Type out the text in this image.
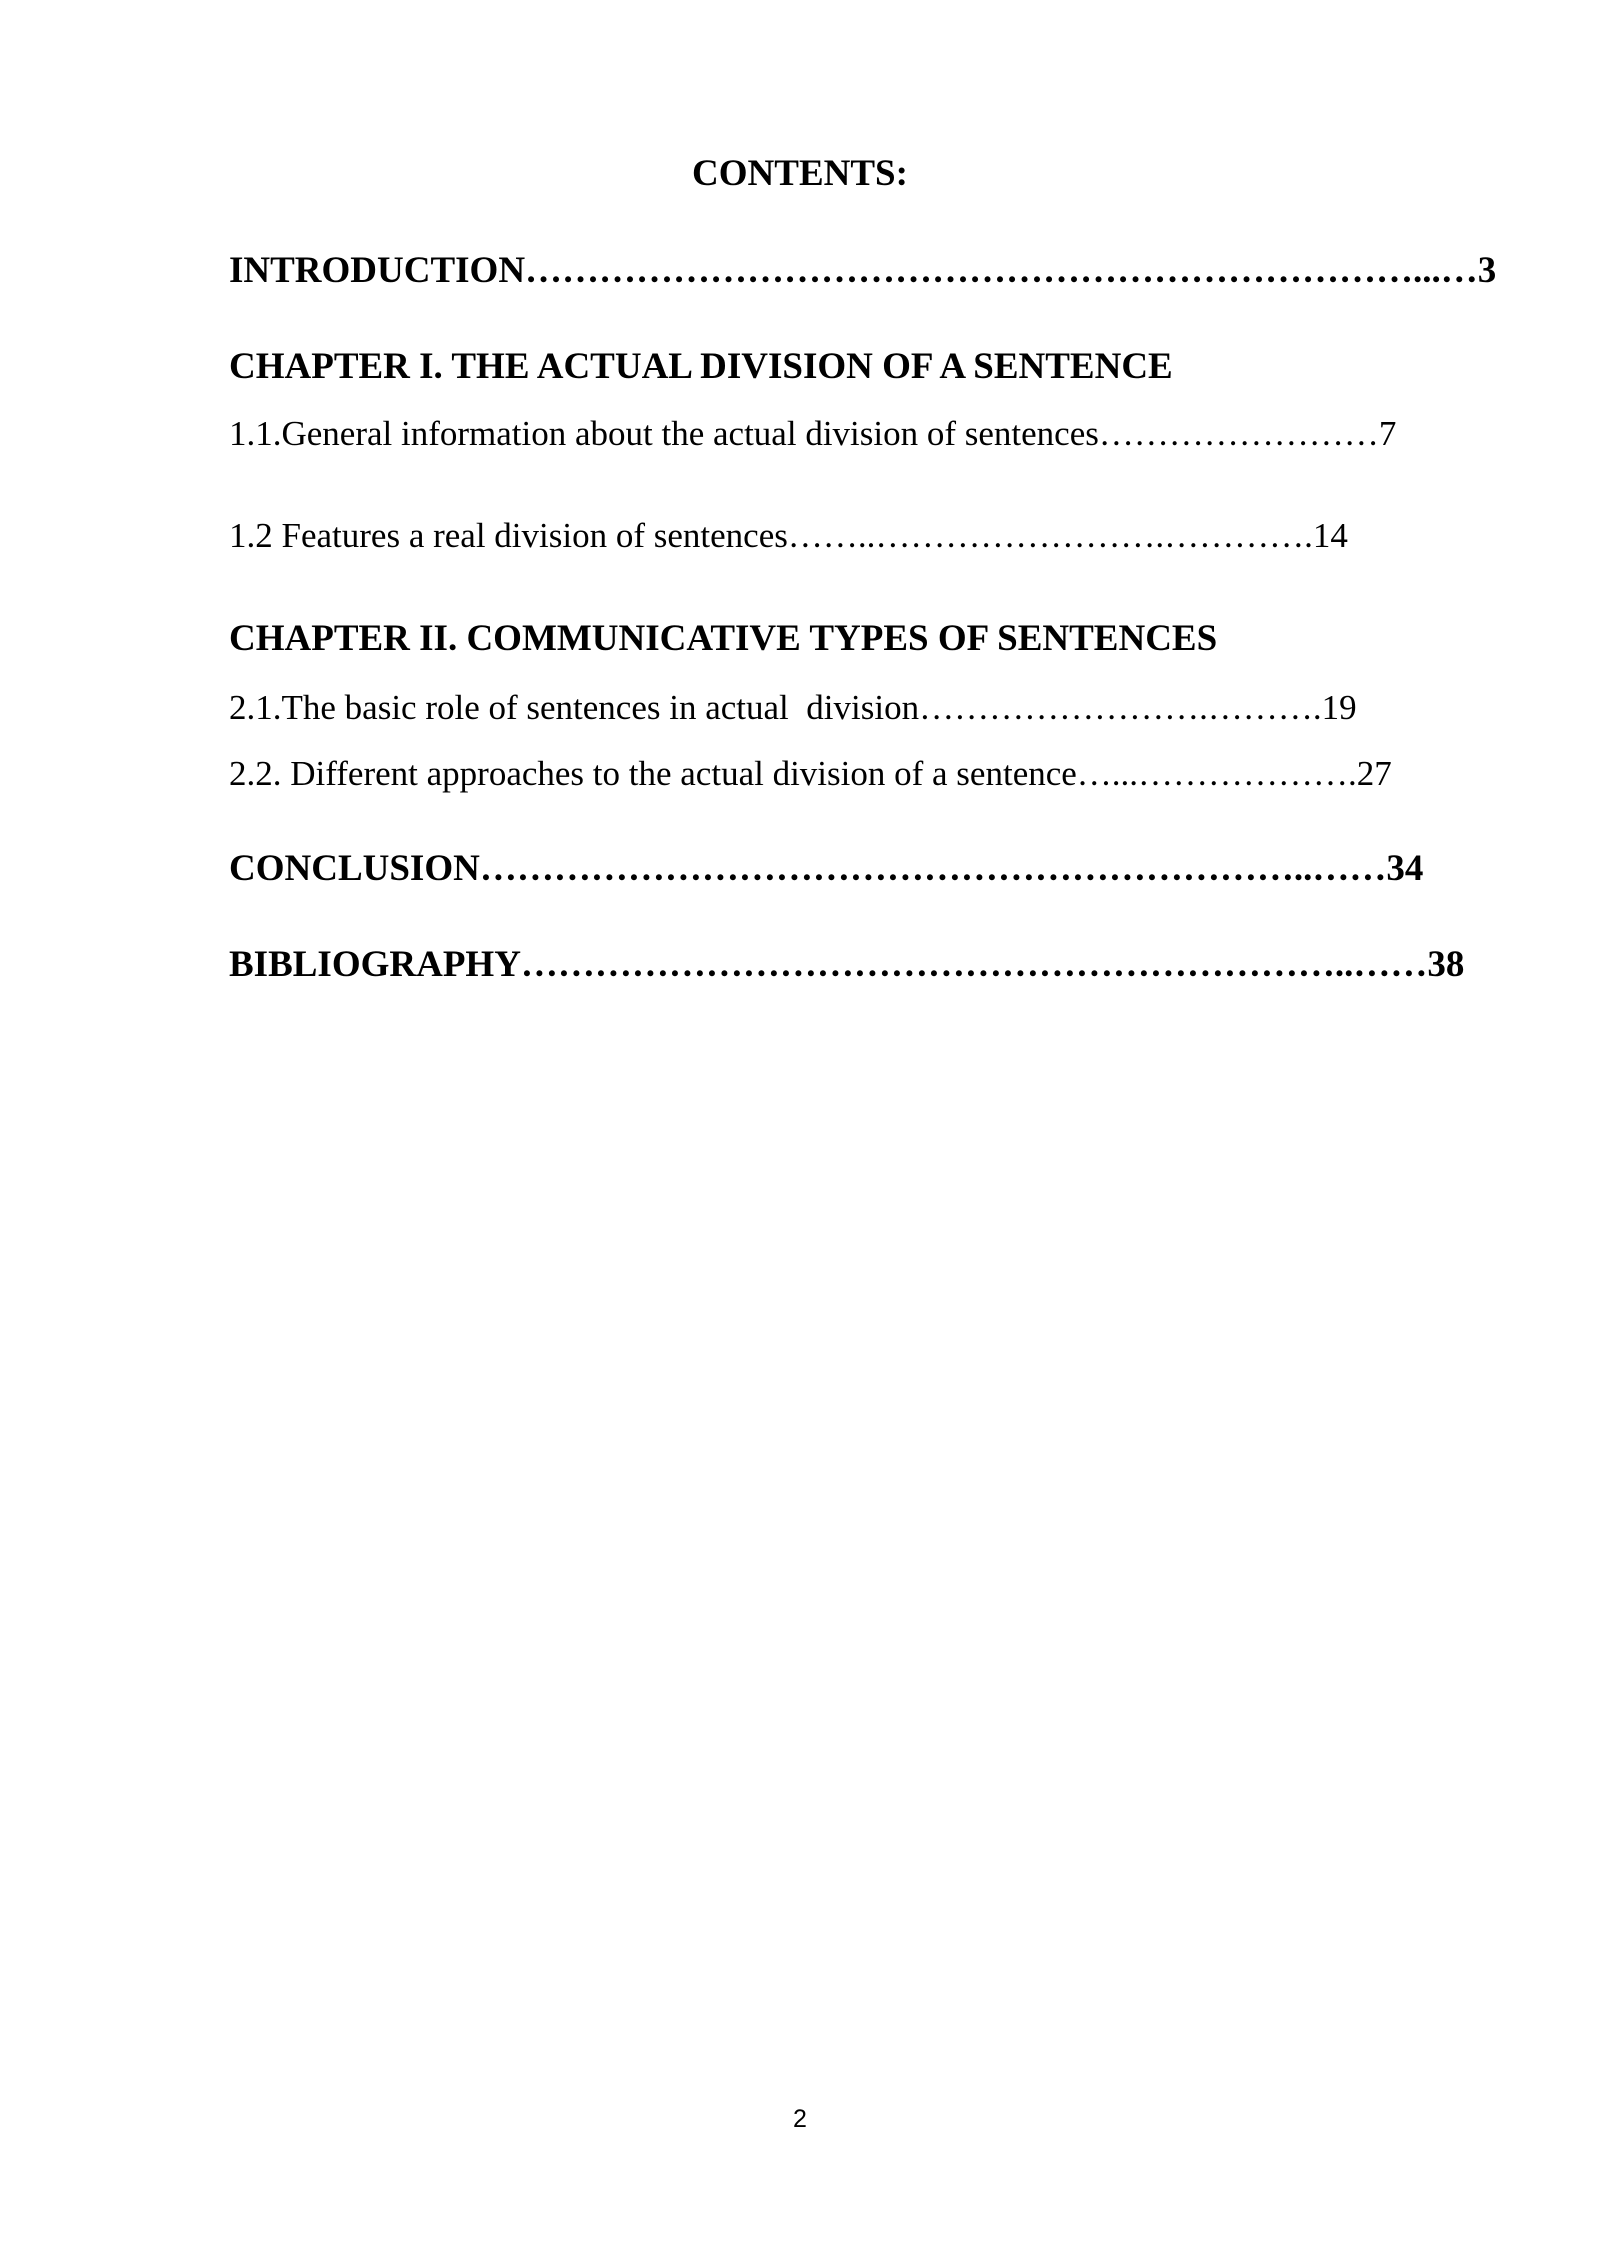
CONTENTS:
INTRODUCTION………………………………………………………………...…3
CHAPTER I. THE ACTUAL DIVISION OF A SENTENCE
1.1.General information about the actual division of sentences……………………7
1.2 Features a real division of sentences……..…………………….………….14
CHAPTER II. COMMUNICATIVE TYPES OF SENTENCES
2.1.The basic role of sentences in actual  division…………………….……….19
2.2. Different approaches to the actual division of a sentence…...……………….27
CONCLUSION…………………………………………………………..……34
BIBLIOGRAPHY…………………………………………………………..……38
2
